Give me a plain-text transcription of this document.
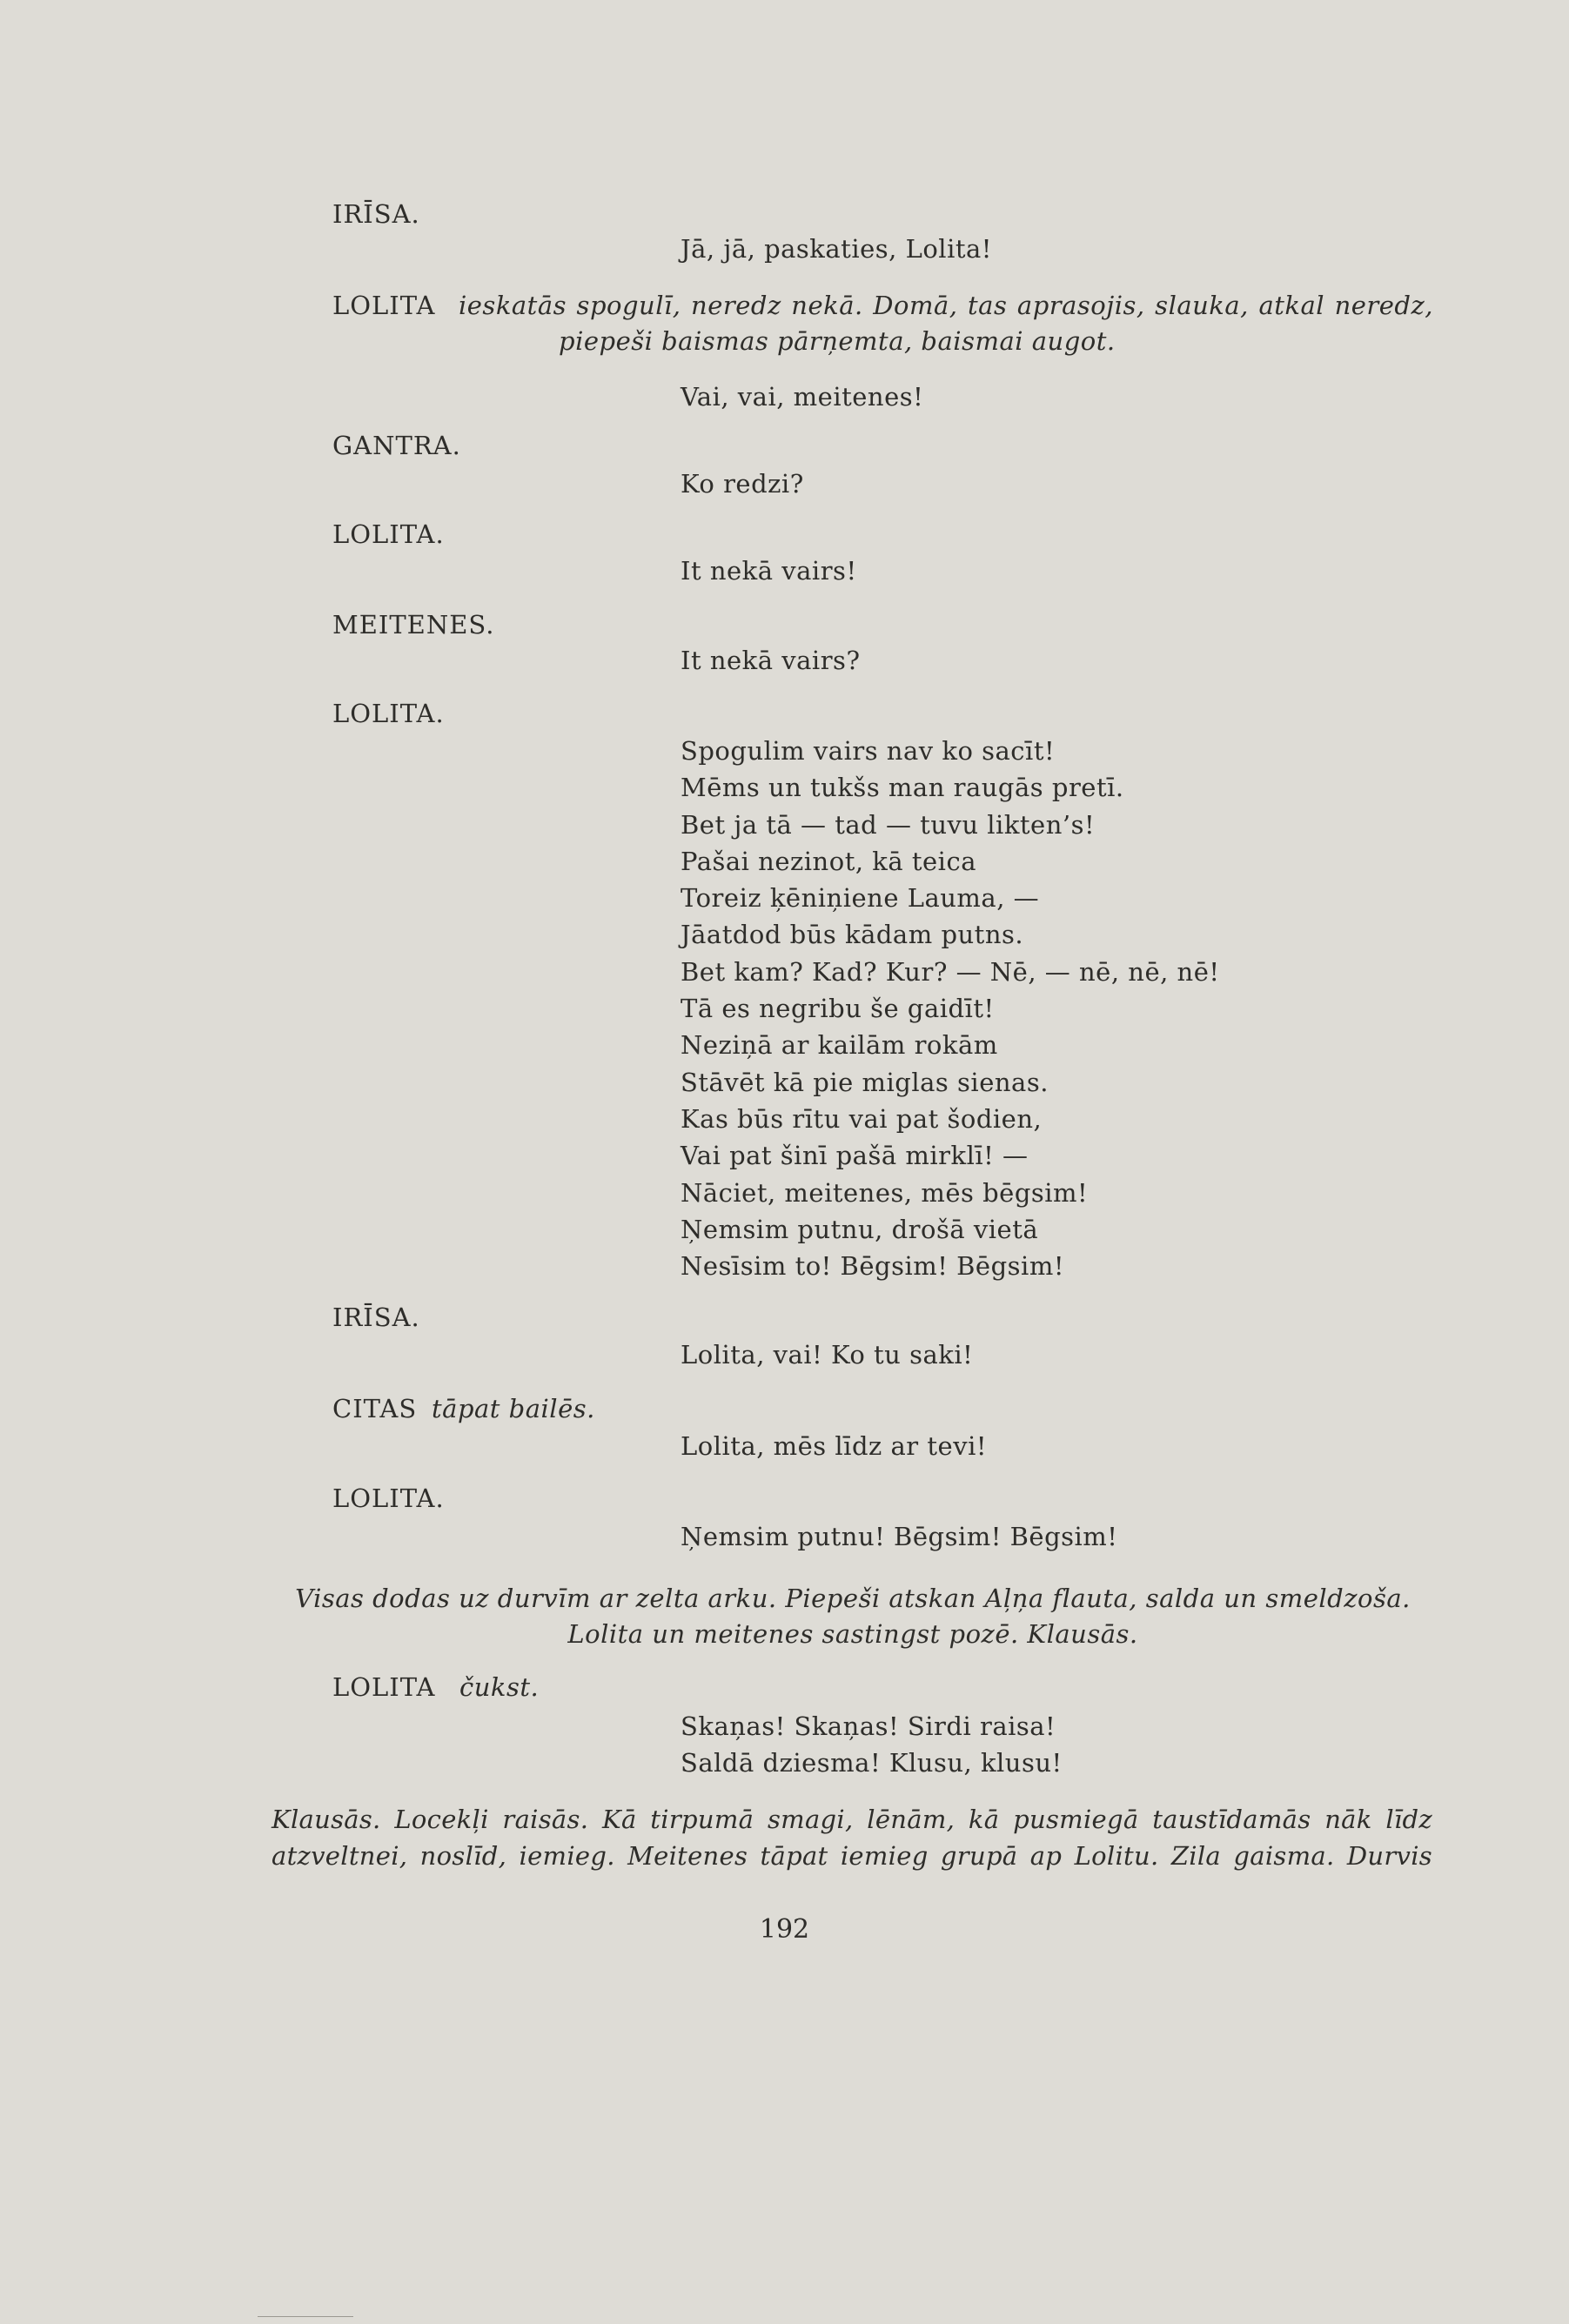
IRĪSA.
Jā, jā, paskaties, Lolita!
LOLITA ieskatās spogulī, neredz nekā. Domā, tas aprasojis, slauka, atkal neredz,
piepeši baismas pārņemta, baismai augot.
Vai, vai, meitenes!
GANTRA.
Ko redzi?
LOLITA.
It nekā vairs!
MEITENES.
It nekā vairs?
LOLITA.
Spogulim vairs nav ko sacīt!
Mēms un tukšs man raugās pretī.
Bet ja tā — tad — tuvu likten’s!
Pašai nezinot, kā teica
Toreiz ķēniņiene Lauma, —
Jāatdod būs kādam putns.
Bet kam? Kad? Kur? — Nē, — nē, nē, nē!
Tā es negribu še gaidīt!
Neziņā ar kailām rokām
Stāvēt kā pie miglas sienas.
Kas būs rītu vai pat šodien,
Vai pat šinī pašā mirklī! —
Nāciet, meitenes, mēs bēgsim!
Ņemsim putnu, drošā vietā
Nesīsim to! Bēgsim! Bēgsim!
IRĪSA.
Lolita, vai! Ko tu saki!
CITAS tāpat bailēs.
Lolita, mēs līdz ar tevi!
LOLITA.
Ņemsim putnu! Bēgsim! Bēgsim!
Visas dodas uz durvīm ar zelta arku. Piepeši atskan Aļņa flauta, salda un smeldzoša.
Lolita un meitenes sastingst pozē. Klausās.
LOLITA čukst.
Skaņas! Skaņas! Sirdi raisa!
Saldā dziesma! Klusu, klusu!
Klausās. Locekļi raisās. Kā tirpumā smagi, lēnām, kā pusmiegā taustīdamās nāk līdz
atzveltnei, noslīd, iemieg. Meitenes tāpat iemieg grupā ap Lolitu. Zila gaisma. Durvis
192
